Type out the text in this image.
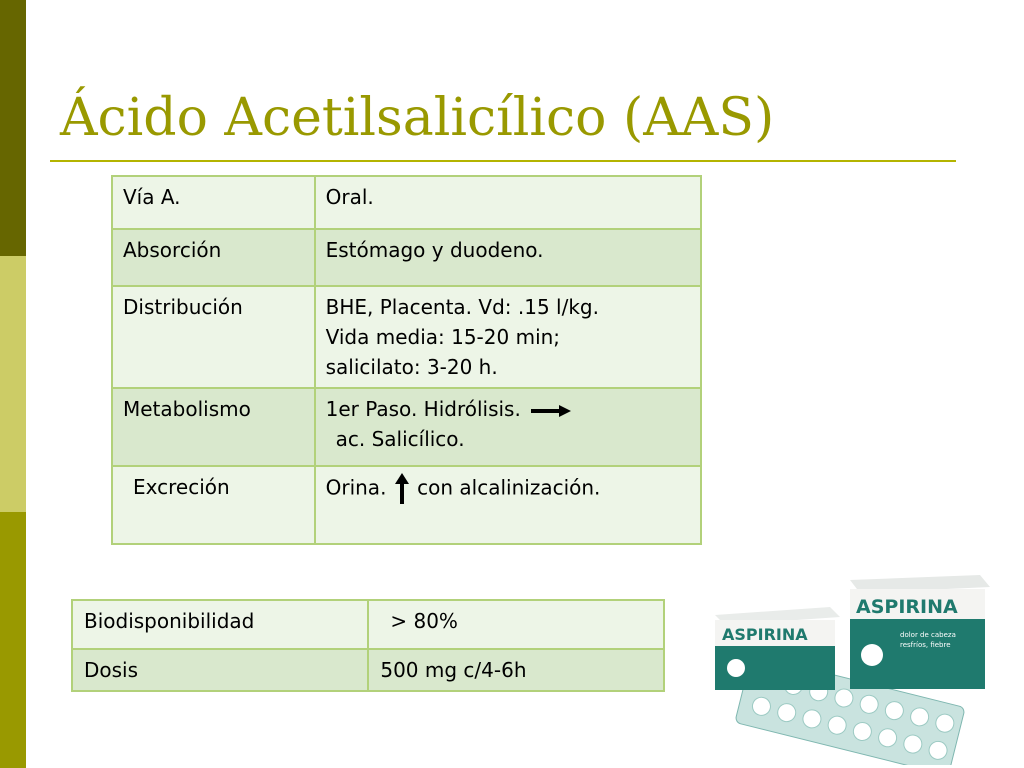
Ácido Acetilsalicílico (AAS)
Vía A.	Oral.
Absorción	Estómago y duodeno.
Distribución	BHE, Placenta. Vd: .15 l/kg.
Vida media: 15-20 min;
salicilato: 3-20 h.

Metabolismo	1er Paso. Hidrólisis.
ac. Salicílico.

Excreción	Orina. con alcalinización.
Biodisponibilidad	> 80%
Dosis	500 mg c/4-6h
ASPIRINA
ASPIRINA
dolor de cabeza
resfríos, fiebre
